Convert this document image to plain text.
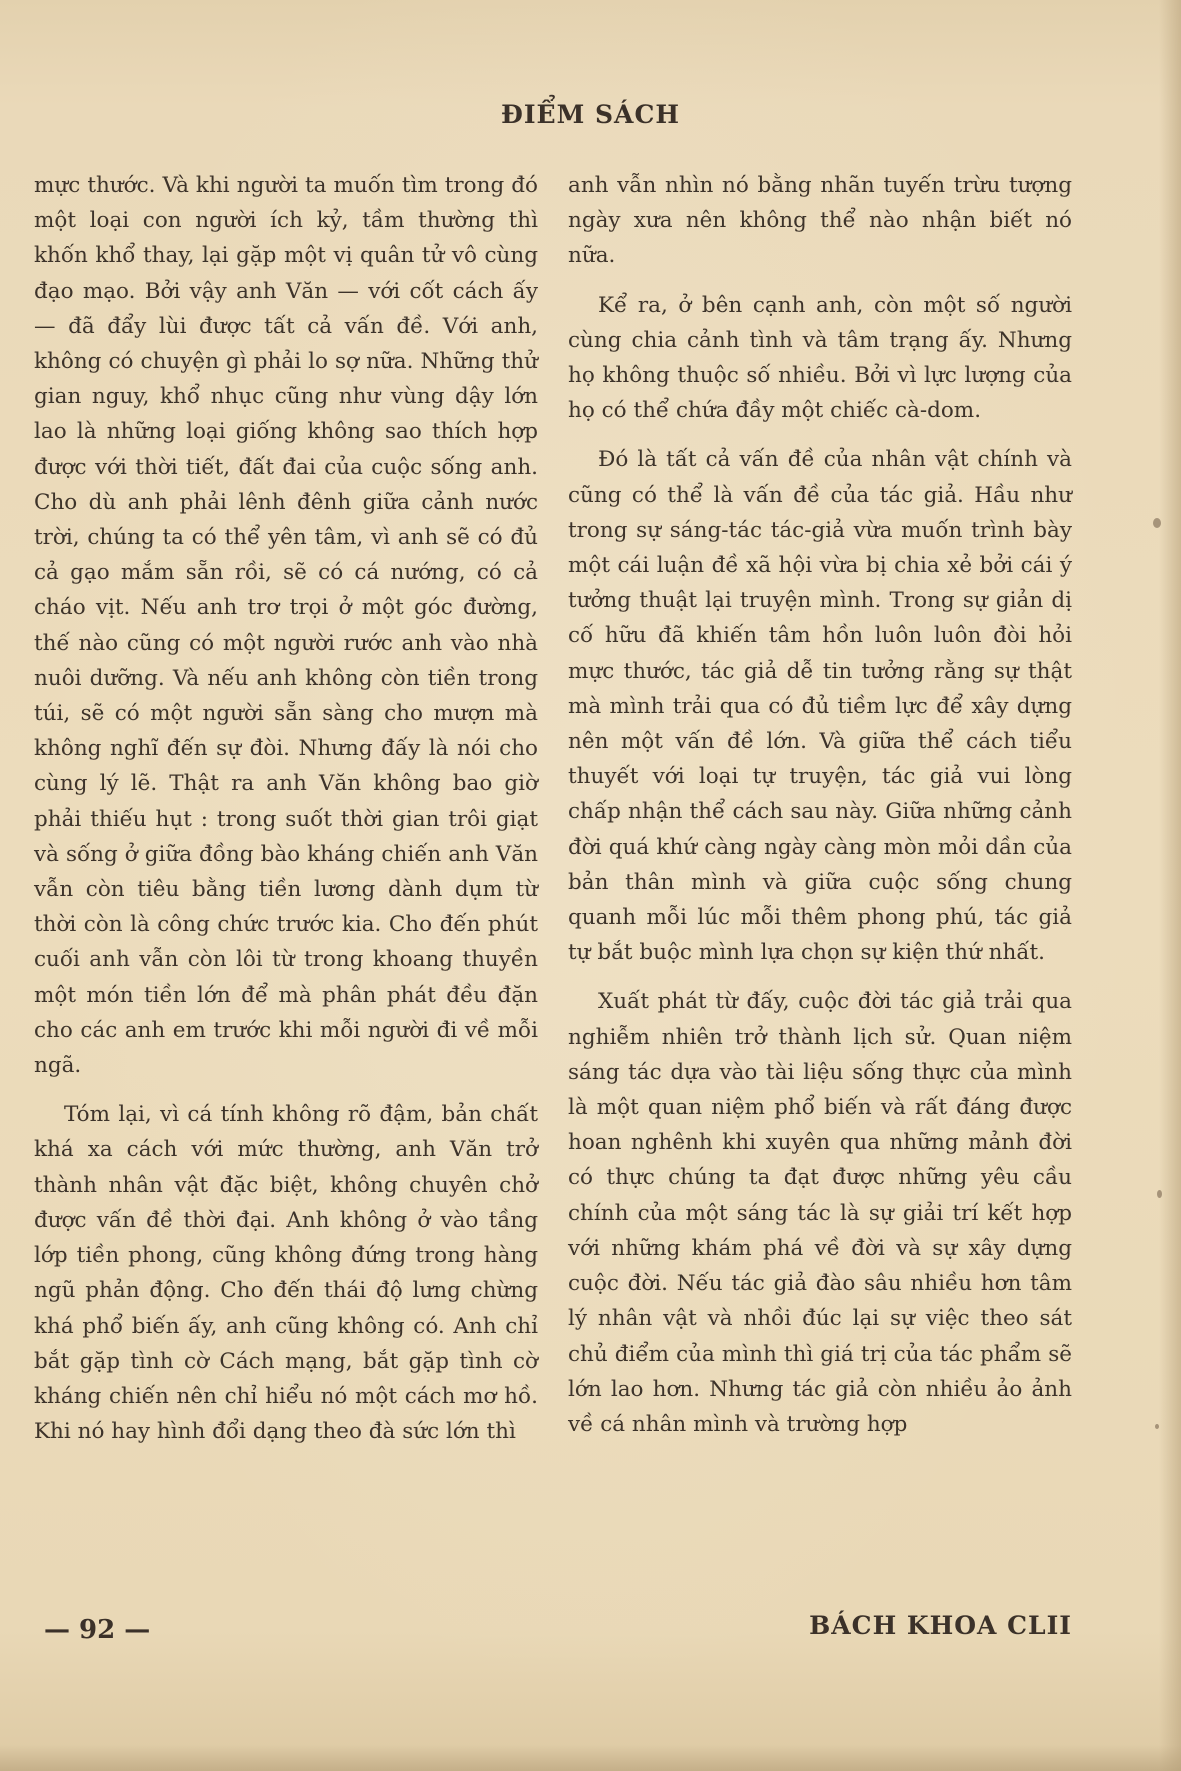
ĐIỂM SÁCH

mực thước. Và khi người ta muốn tìm trong đó một loại con người ích kỷ, tầm thường thì khốn khổ thay, lại gặp một vị quân tử vô cùng đạo mạo. Bởi vậy anh Văn — với cốt cách ấy — đã đẩy lùi được tất cả vấn đề. Với anh, không có chuyện gì phải lo sợ nữa. Những thử gian nguy, khổ nhục cũng như vùng dậy lớn lao là những loại giống không sao thích hợp được với thời tiết, đất đai của cuộc sống anh. Cho dù anh phải lênh đênh giữa cảnh nước trời, chúng ta có thể yên tâm, vì anh sẽ có đủ cả gạo mắm sẵn rồi, sẽ có cá nướng, có cả cháo vịt. Nếu anh trơ trọi ở một góc đường, thế nào cũng có một người rước anh vào nhà nuôi dưỡng. Và nếu anh không còn tiền trong túi, sẽ có một người sẵn sàng cho mượn mà không nghĩ đến sự đòi. Nhưng đấy là nói cho cùng lý lẽ. Thật ra anh Văn không bao giờ phải thiếu hụt : trong suốt thời gian trôi giạt và sống ở giữa đồng bào kháng chiến anh Văn vẫn còn tiêu bằng tiền lương dành dụm từ thời còn là công chức trước kia. Cho đến phút cuối anh vẫn còn lôi từ trong khoang thuyền một món tiền lớn để mà phân phát đều đặn cho các anh em trước khi mỗi người đi về mỗi ngã.

Tóm lại, vì cá tính không rõ đậm, bản chất khá xa cách với mức thường, anh Văn trở thành nhân vật đặc biệt, không chuyên chở được vấn đề thời đại. Anh không ở vào tầng lớp tiền phong, cũng không đứng trong hàng ngũ phản động. Cho đến thái độ lưng chừng khá phổ biến ấy, anh cũng không có. Anh chỉ bắt gặp tình cờ Cách mạng, bắt gặp tình cờ kháng chiến nên chỉ hiểu nó một cách mơ hồ. Khi nó hay hình đổi dạng theo đà sức lớn thì

anh vẫn nhìn nó bằng nhãn tuyến trừu tượng ngày xưa nên không thể nào nhận biết nó nữa.

Kể ra, ở bên cạnh anh, còn một số người cùng chia cảnh tình và tâm trạng ấy. Nhưng họ không thuộc số nhiều. Bởi vì lực lượng của họ có thể chứa đầy một chiếc cà-dom.

Đó là tất cả vấn đề của nhân vật chính và cũng có thể là vấn đề của tác giả. Hầu như trong sự sáng-tác tác-giả vừa muốn trình bày một cái luận đề xã hội vừa bị chia xẻ bởi cái ý tưởng thuật lại truyện mình. Trong sự giản dị cố hữu đã khiến tâm hồn luôn luôn đòi hỏi mực thước, tác giả dễ tin tưởng rằng sự thật mà mình trải qua có đủ tiềm lực để xây dựng nên một vấn đề lớn. Và giữa thể cách tiểu thuyết với loại tự truyện, tác giả vui lòng chấp nhận thể cách sau này. Giữa những cảnh đời quá khứ càng ngày càng mòn mỏi dần của bản thân mình và giữa cuộc sống chung quanh mỗi lúc mỗi thêm phong phú, tác giả tự bắt buộc mình lựa chọn sự kiện thứ nhất.

Xuất phát từ đấy, cuộc đời tác giả trải qua nghiễm nhiên trở thành lịch sử. Quan niệm sáng tác dựa vào tài liệu sống thực của mình là một quan niệm phổ biến và rất đáng được hoan nghênh khi xuyên qua những mảnh đời có thực chúng ta đạt được những yêu cầu chính của một sáng tác là sự giải trí kết hợp với những khám phá về đời và sự xây dựng cuộc đời. Nếu tác giả đào sâu nhiều hơn tâm lý nhân vật và nhồi đúc lại sự việc theo sát chủ điểm của mình thì giá trị của tác phẩm sẽ lớn lao hơn. Nhưng tác giả còn nhiều ảo ảnh về cá nhân mình và trường hợp

— 92 —	BÁCH KHOA CLII
